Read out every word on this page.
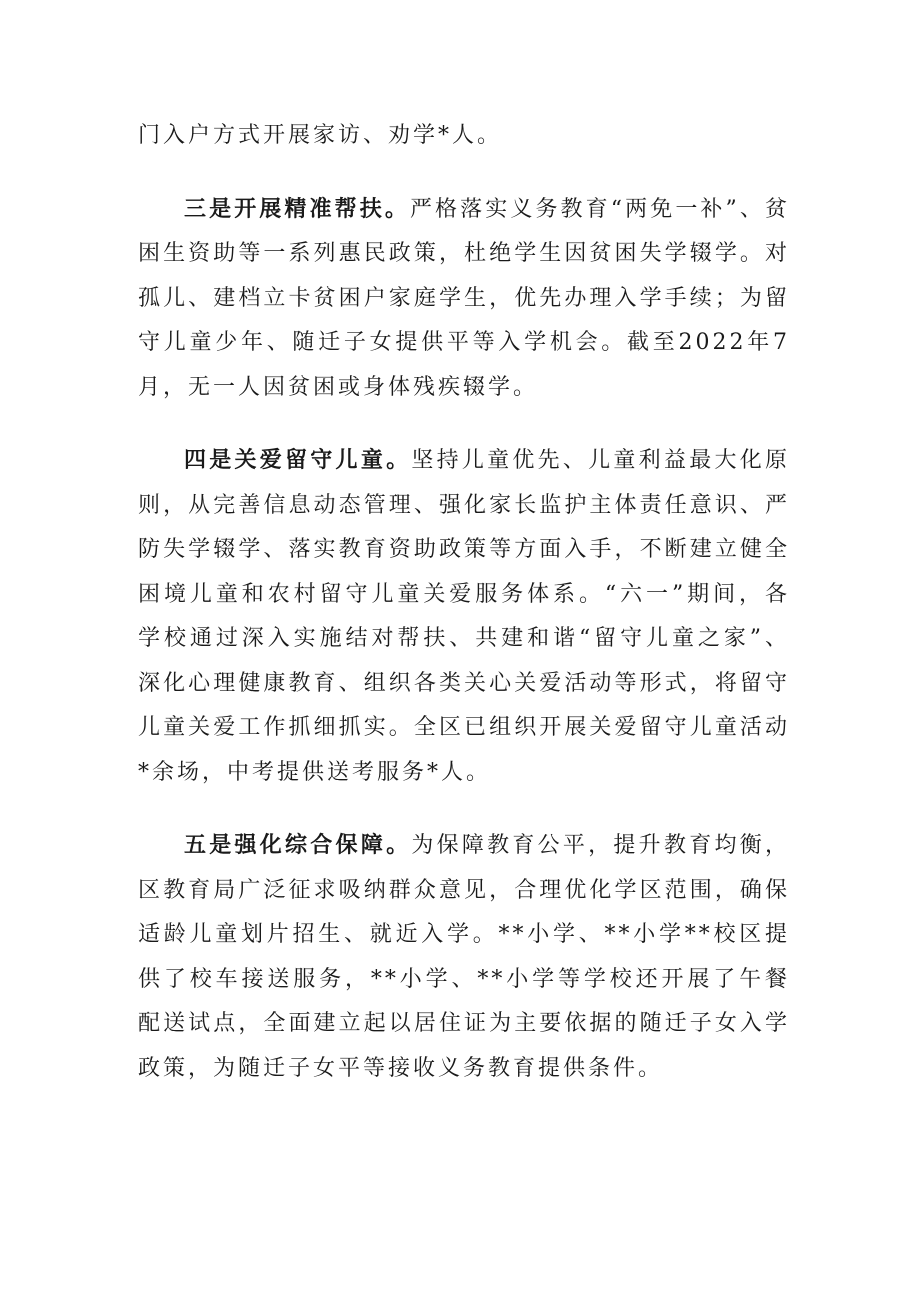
门入户方式开展家访、劝学*人。

三是开展精准帮扶。严格落实义务教育“两免一补”、贫困生资助等一系列惠民政策，杜绝学生因贫困失学辍学。对孤儿、建档立卡贫困户家庭学生，优先办理入学手续；为留守儿童少年、随迁子女提供平等入学机会。截至2022年7月，无一人因贫困或身体残疾辍学。

四是关爱留守儿童。坚持儿童优先、儿童利益最大化原则，从完善信息动态管理、强化家长监护主体责任意识、严防失学辍学、落实教育资助政策等方面入手，不断建立健全困境儿童和农村留守儿童关爱服务体系。“六一”期间，各学校通过深入实施结对帮扶、共建和谐“留守儿童之家”、深化心理健康教育、组织各类关心关爱活动等形式，将留守儿童关爱工作抓细抓实。全区已组织开展关爱留守儿童活动*余场，中考提供送考服务*人。

五是强化综合保障。为保障教育公平，提升教育均衡，区教育局广泛征求吸纳群众意见，合理优化学区范围，确保适龄儿童划片招生、就近入学。**小学、**小学**校区提供了校车接送服务，**小学、**小学等学校还开展了午餐配送试点，全面建立起以居住证为主要依据的随迁子女入学政策，为随迁子女平等接收义务教育提供条件。
